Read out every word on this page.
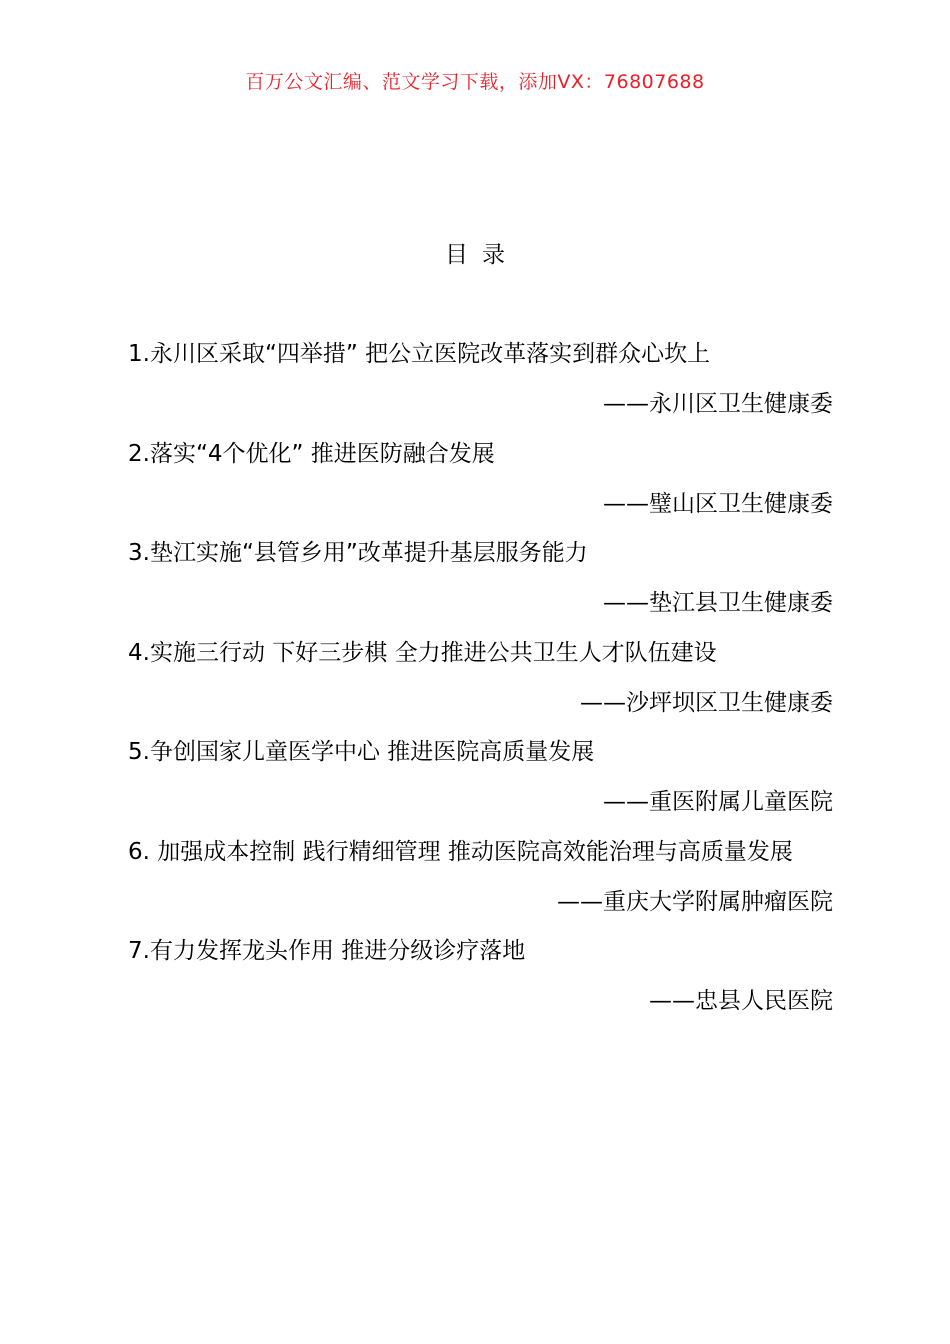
百万公文汇编、范文学习下载，添加VX：76807688
目录
1.永川区采取“四举措” 把公立医院改革落实到群众心坎上
——永川区卫生健康委
2.落实“4个优化” 推进医防融合发展
——璧山区卫生健康委
3.垫江实施“县管乡用”改革提升基层服务能力
——垫江县卫生健康委
4.实施三行动 下好三步棋 全力推进公共卫生人才队伍建设
——沙坪坝区卫生健康委
5.争创国家儿童医学中心 推进医院高质量发展
——重医附属儿童医院
6. 加强成本控制 践行精细管理 推动医院高效能治理与高质量发展
——重庆大学附属肿瘤医院
7.有力发挥龙头作用 推进分级诊疗落地
——忠县人民医院
